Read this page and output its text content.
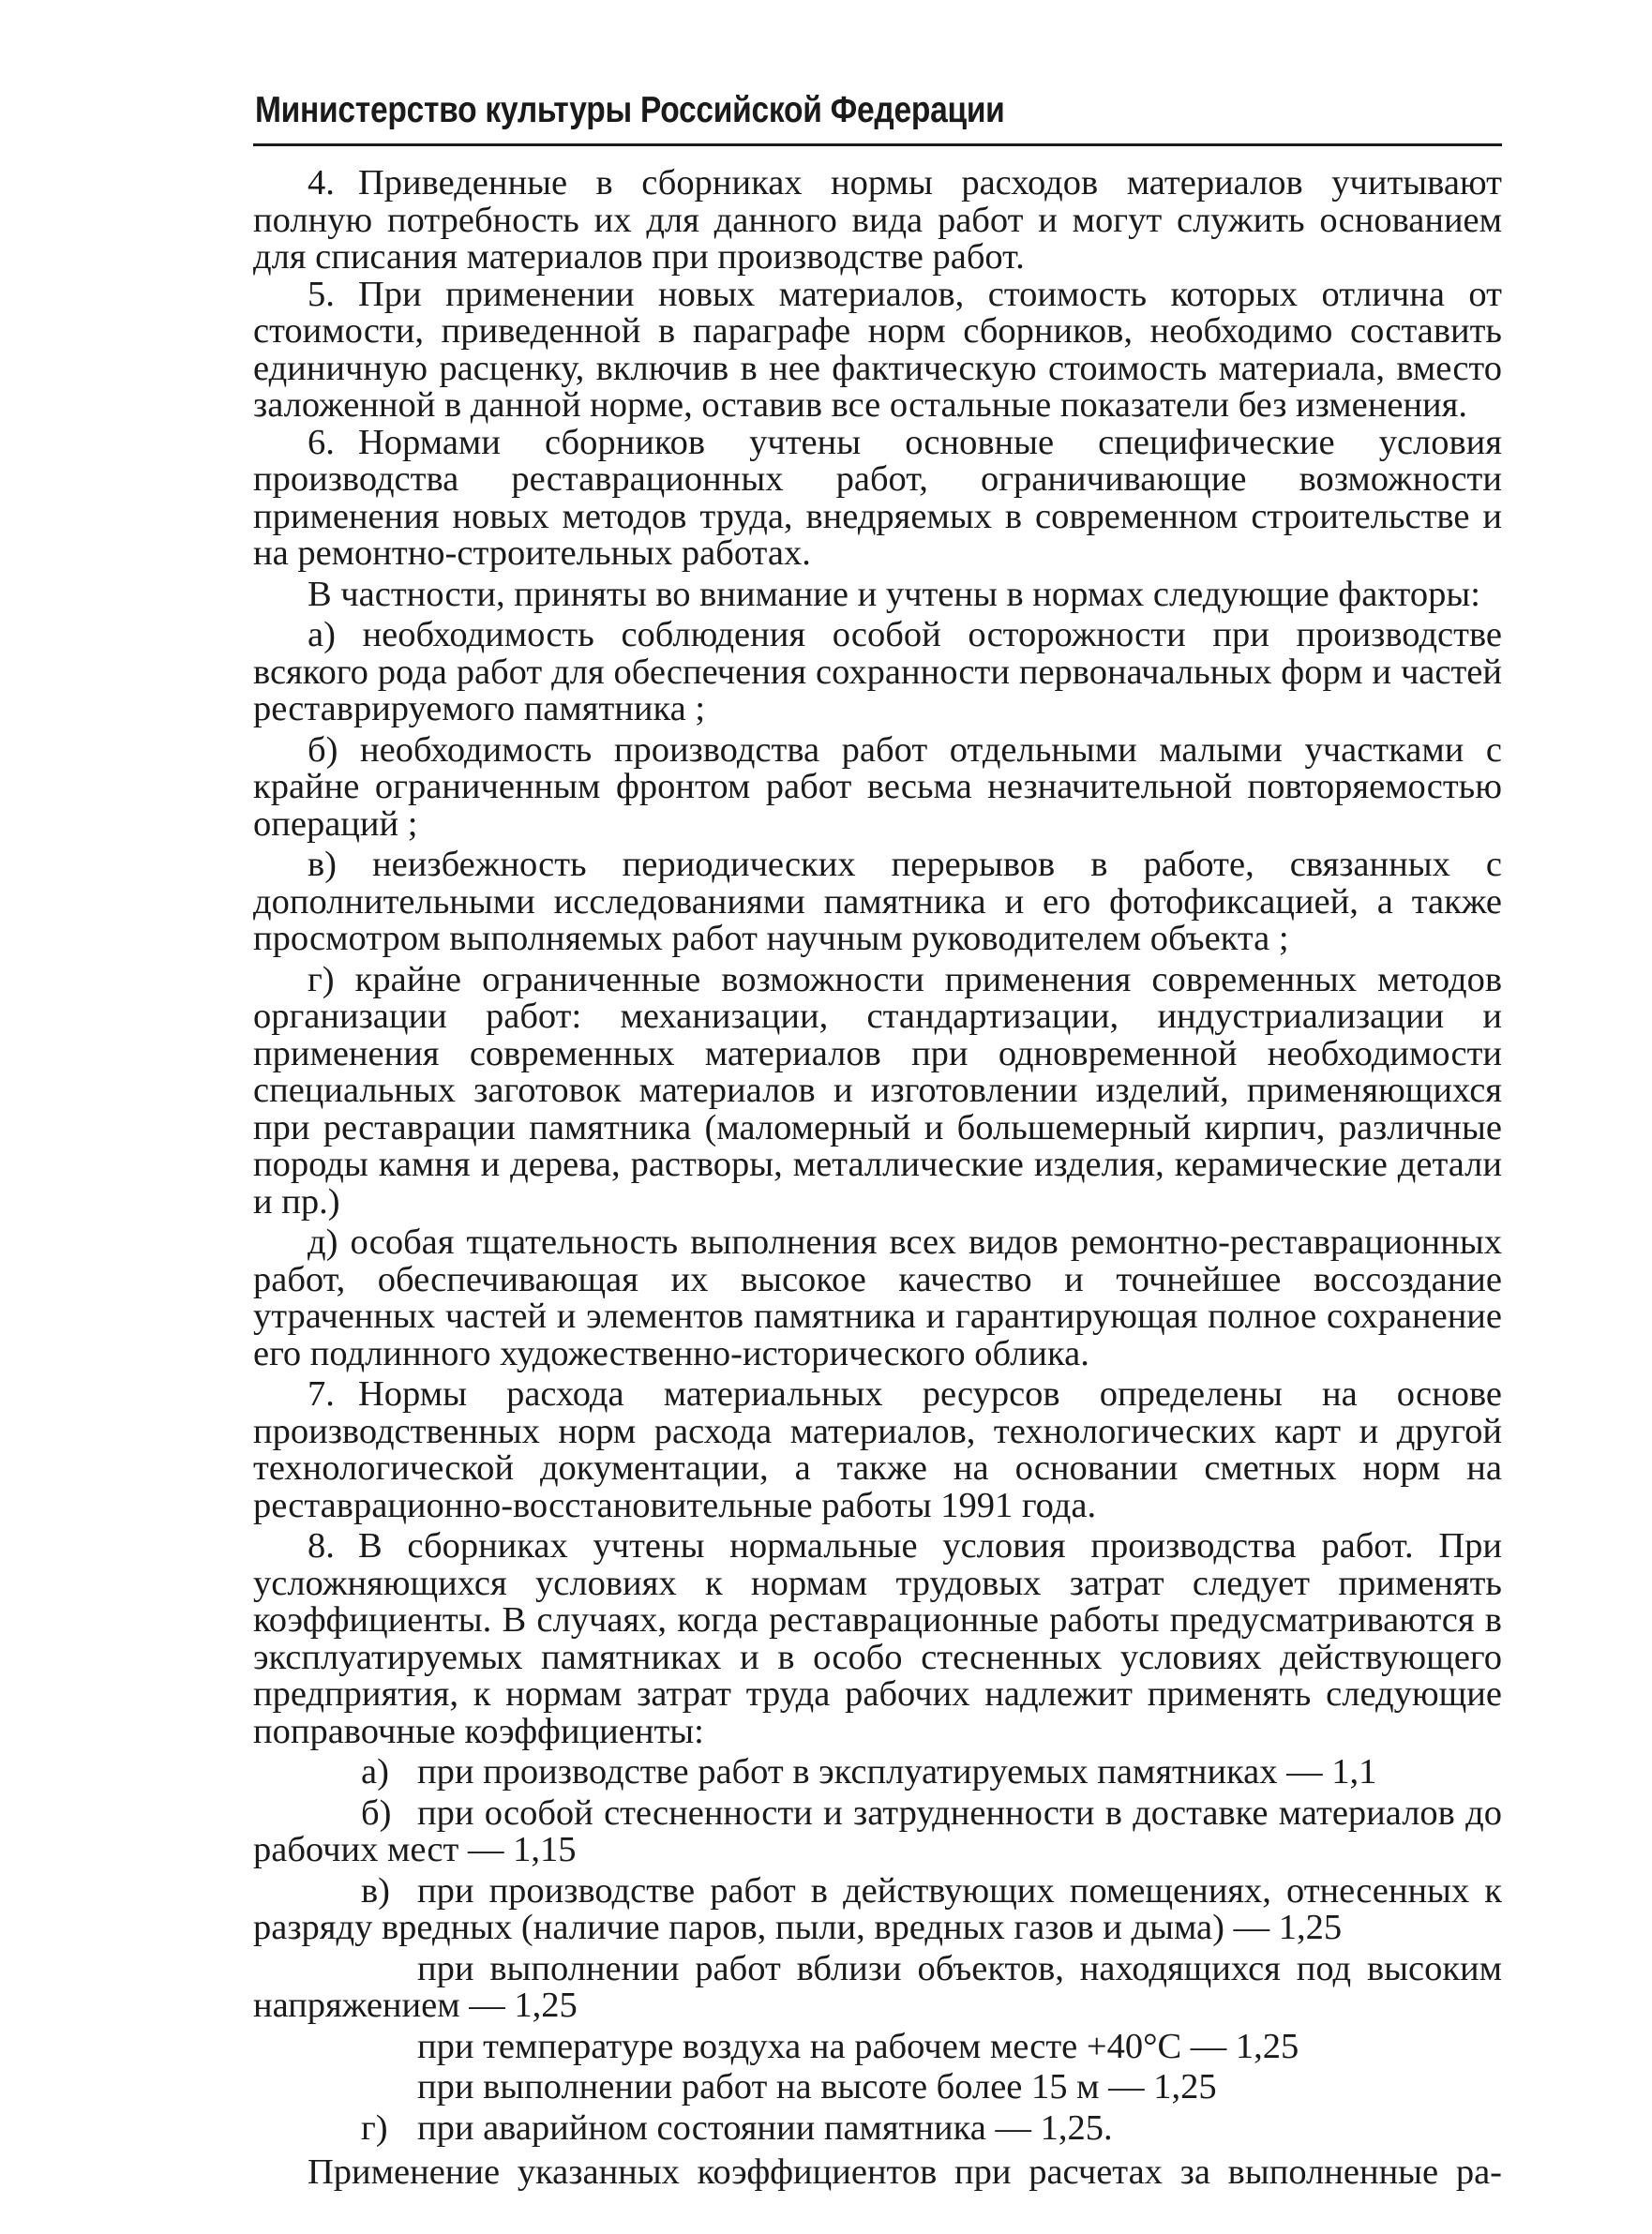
Министерство культуры Российской Федерации

4. Приведенные в сборниках нормы расходов материалов учитывают полную потребность их для данного вида работ и могут служить основанием для списания материалов при производстве работ.

5. При применении новых материалов, стоимость которых отлична от стоимости, приведенной в параграфе норм сборников, необходимо составить единичную расценку, включив в нее фактическую стоимость материала, вместо заложенной в данной норме, оставив все остальные показатели без изменения.

6. Нормами сборников учтены основные специфические условия производства реставрационных работ, ограничивающие возможности применения новых методов труда, внедряемых в современном строительстве и на ремонтно-строительных работах.

В частности, приняты во внимание и учтены в нормах следующие факторы:

а) необходимость соблюдения особой осторожности при производстве всякого рода работ для обеспечения сохранности первоначальных форм и частей реставрируемого памятника ;

б) необходимость производства работ отдельными малыми участками с крайне ограниченным фронтом работ весьма незначительной повторяемостью операций ;

в) неизбежность периодических перерывов в работе, связанных с дополнительными исследованиями памятника и его фотофиксацией, а также просмотром выполняемых работ научным руководителем объекта ;

г) крайне ограниченные возможности применения современных методов организации работ: механизации, стандартизации, индустриализации и применения современных материалов при одновременной необходимости специальных заготовок материалов и изготовлении изделий, применяющихся при реставрации памятника (маломерный и большемерный кирпич, различные породы камня и дерева, растворы, металлические изделия, керамические детали и пр.)

д) особая тщательность выполнения всех видов ремонтно-реставрационных работ, обеспечивающая их высокое качество и точнейшее воссоздание утраченных частей и элементов памятника и гарантирующая полное сохранение его подлинного художественно-исторического облика.

7. Нормы расхода материальных ресурсов определены на основе производственных норм расхода материалов, технологических карт и другой технологической документации, а также на основании сметных норм на реставрационно-восстановительные работы 1991 года.

8. В сборниках учтены нормальные условия производства работ. При усложняющихся условиях к нормам трудовых затрат следует применять коэффициенты. В случаях, когда реставрационные работы предусматриваются в эксплуатируемых памятниках и в особо стесненных условиях действующего предприятия, к нормам затрат труда рабочих надлежит применять следующие поправочные коэффициенты:

а) при производстве работ в эксплуатируемых памятниках — 1,1

б) при особой стесненности и затрудненности в доставке материалов до рабочих мест — 1,15

в) при производстве работ в действующих помещениях, отнесенных к разряду вредных (наличие паров, пыли, вредных газов и дыма) — 1,25

при выполнении работ вблизи объектов, находящихся под высоким напряжением — 1,25

при температуре воздуха на рабочем месте +40°С — 1,25

при выполнении работ на высоте более 15 м — 1,25

г) при аварийном состоянии памятника — 1,25.

Применение указанных коэффициентов при расчетах за выполненные ра-
